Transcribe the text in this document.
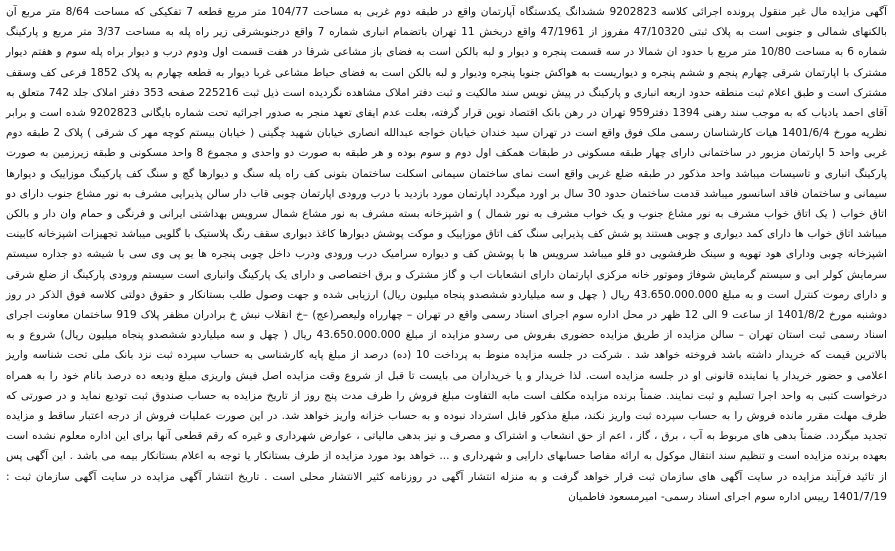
آگهی مزایده مال غیر منقول پرونده اجرائی کلاسه 9202823 ششدانگ یکدستگاه آپارتمان واقع در طبقه دوم غربی به مساحت 104/77 متر مربع قطعه 7 تفکیکی که مساحت 8/64 متر مربع آن بالکنهای شمالی و جنوبی است به پلاک ثبتی 47/10320 مفروز از 47/1961 واقع دربخش 11 تهران باتضمام انباری شماره 7 واقع درجنوبشرقی زیر راه پله به مساحت 3/37 متر مربع و پارکینگ شماره 6 به مساحت 10/80 متر مربع با حدود ان شمالا در سه قسمت پنجره و دیوار و لبه بالکن است به فضای باز مشاعی شرقا در هفت قسمت اول ودوم درب و دیوار براه پله سوم و هفتم دیوار مشترک با اپارتمان شرقی چهارم پنجم و ششم پنجره و دیواریست به هواکش جنوبا پنجره ودیوار و لبه بالکن است به فضای حیاط مشاعی غربا دیوار به قطعه چهارم به پلاک 1852 فرعی کف وسقف مشترک است و طبق اعلام ثبت منطقه حدود اربعه انباری و پارکینگ در پیش نویس سند مالکیت و ثبت دفتر املاک مشاهده نگردیده است ذیل ثبت 225216 صفحه 353 دفتر املاک جلد 742 متعلق به آقای احمد یادیاب که به موجب سند رهنی 1394 دفتر959 تهران در رهن بانک اقتصاد نوین قرار گرفته، بعلت عدم ایفای تعهد منجر به صدور اجرائیه تحت شماره بایگانی 9202823 شده است و برابر نظریه مورخ 1401/6/4 هیات کارشناسان رسمی ملک فوق واقع است در تهران سید خندان خیابان خواجه عبدالله انصاری خیابان شهید چگینی ( خیابان بیستم کوچه مهر ک شرقی ) پلاک 2 طبقه دوم غربی واحد 5 اپارتمان مزبور در ساختمانی دارای چهار طبقه مسکونی در طبقات همکف اول دوم و سوم بوده و هر طبقه به صورت دو واحدی و مجموع 8 واحد مسکونی و طبقه زیرزمین به صورت پارکینگ انباری و تاسیسات میباشد واحد مذکور در طبقه ضلع غربی واقع است نمای ساختمان سیمانی اسکلت ساختمان بتونی کف راه پله سنگ و دیوارها گچ و سنگ کف پارکینگ موزاییک و دیوارها سیمانی و ساختمان فاقد اسانسور میباشد قدمت ساختمان حدود 30 سال بر اورد میگردد اپارتمان مورد بازدید با درب ورودی اپارتمان چوبی قاب دار سالن پذیرایی مشرف به نور مشاع جنوب دارای دو اتاق خواب ( یک اتاق خواب مشرف به نور مشاع جنوب و یک خواب مشرف به نور شمال ) و اشپزخانه بسته مشرف به نور مشاع شمال سرویس بهداشتی ایرانی و فرنگی و حمام وان دار و بالکن میباشد اتاق خواب ها دارای کمد دیواری و چوبی هستند پو شش کف پذیرایی سنگ کف اتاق موزاییک و موکت پوشش دیوارها کاغذ دیواری سقف رنگ پلاستیک با گلویی میباشد تجهیزات اشپزخانه کابینت اشپزخانه چوبی ودارای هود تهویه و سینک ظرفشویی دو قلو میباشد سرویس ها با پوشش کف و دیواره سرامیک درب ورودی ودرب داخل چوبی پنجره ها یو پی وی سی با شیشه دو جداره سیستم سرمایش کولر ابی و سیستم گرمایش شوفاژ وموتور خانه مرکزی اپارتمان دارای انشعابات اب و گاز مشترک و برق اختصاصی و دارای یک پارکینگ وانباری است سیستم ورودی پارکینگ از ضلع شرقی و دارای رموت کنترل است و به مبلغ 43.650.000.000 ریال ( چهل و سه میلیاردو ششصدو پنجاه میلیون ریال) ارزیابی شده و جهت وصول طلب بستانکار و حقوق دولتی کلاسه فوق الذکر در روز دوشنبه مورخ 1401/8/2 از ساعت 9 الی 12 ظهر در محل اداره سوم اجرای اسناد رسمی واقع در تهران – چهارراه ولیعصر(عج) –خ انقلاب نبش خ برادران مظفر پلاک 919 ساختمان معاونت اجرای اسناد رسمی ثبت استان تهران – سالن مزایده از طریق مزایده حضوری بفروش می رسدو مزایده از مبلغ 43.650.000.000 ریال ( چهل و سه میلیاردو ششصدو پنجاه میلیون ریال) شروع و به بالاترین قیمت که خریدار داشته باشد فروخته خواهد شد . شرکت در جلسه مزایده منوط به پرداخت 10 (ده) درصد از مبلغ پایه کارشناسی به حساب سپرده ثبت نزد بانک ملی تحت شناسه واریز اعلامی و حضور خریدار یا نماینده قانونی او در جلسه مزایده است. لذا خریدار و یا خریداران می بایست تا قبل از شروع وقت مزایده اصل فیش واریزی مبلغ ودیعه ده درصد بانام خود را به همراه درخواست کتبی به واحد اجرا تسلیم و ثبت نمایند. ضمناً برنده مزایده مکلف است مابه التفاوت مبلغ فروش را ظرف مدت پنج روز از تاریخ مزایده به حساب صندوق ثبت تودیع نماید و در صورتی که ظرف مهلت مقرر مانده فروش را به حساب سپرده ثبت واریز نکند، مبلغ مذکور قابل استرداد نبوده و به حساب خزانه واریز خواهد شد. در این صورت عملیات فروش از درجه اعتبار ساقط و مزایده تجدید میگردد. ضمناً بدهی های مربوط به آب ، برق ، گاز ، اعم از حق انشعاب و اشتراک و مصرف و نیز بدهی مالیاتی ، عوارض شهرداری و غیره که رقم قطعی آنها برای این اداره معلوم نشده است بعهده برنده مزایده است و تنظیم سند انتقال موکول به ارائه مفاصا حسابهای دارایی و شهرداری و ... خواهد بود مورد مزایده از طرف بستانکار یا توجه به اعلام بستانکار بیمه می باشد . این آگهی پس از تائید فرآیند مزایده در سایت آگهی های سازمان ثبت قرار خواهد گرفت و به منزله انتشار آگهی در روزنامه کثیر الانتشار محلی است . تاریخ انتشار آگهی مزایده در سایت آگهی سازمان ثبت : 1401/7/19 رییس اداره سوم اجرای اسناد رسمی- امیرمسعود فاطمیان
